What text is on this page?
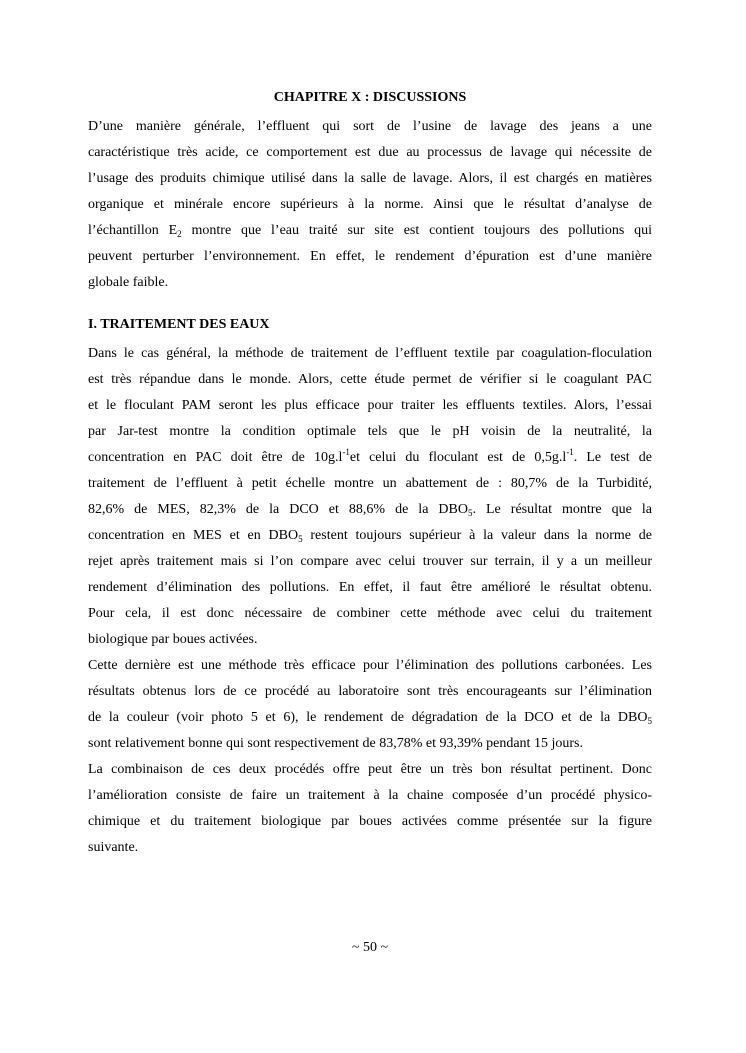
CHAPITRE X : DISCUSSIONS

D’une manière générale, l’effluent qui sort de l’usine de lavage des jeans a une
caractéristique très acide, ce comportement est due au processus de lavage qui nécessite de
l’usage des produits chimique utilisé dans la salle de lavage. Alors, il est chargés en matières
organique et minérale encore supérieurs à la norme. Ainsi que le résultat d’analyse de
l’échantillon $E_2$ montre que l’eau traité sur site est contient toujours des pollutions qui
peuvent perturber l’environnement. En effet, le rendement d’épuration est d’une manière
globale faible.

I. TRAITEMENT DES EAUX

Dans le cas général, la méthode de traitement de l’effluent textile par coagulation-floculation
est très répandue dans le monde. Alors, cette étude permet de vérifier si le coagulant PAC
et le floculant PAM seront les plus efficace pour traiter les effluents textiles. Alors, l’essai
par Jar-test montre la condition optimale tels que le pH voisin de la neutralité, la
concentration en PAC doit être de $10g.l^{-1}et$ celui du floculant est de $0,5g.l^{-1}$. Le test de
traitement de l’effluent à petit échelle montre un abattement de : 80,7% de la Turbidité,
82,6% de MES, 82,3% de la DCO et 88,6% de la $DBO_5$. Le résultat montre que la
concentration en MES et en $DBO_5$ restent toujours supérieur à la valeur dans la norme de
rejet après traitement mais si l’on compare avec celui trouver sur terrain, il y a un meilleur
rendement d’élimination des pollutions. En effet, il faut être amélioré le résultat obtenu.
Pour cela, il est donc nécessaire de combiner cette méthode avec celui du traitement
biologique par boues activées.

Cette dernière est une méthode très efficace pour l’élimination des pollutions carbonées. Les
résultats obtenus lors de ce procédé au laboratoire sont très encourageants sur l’élimination
de la couleur (voir photo 5 et 6), le rendement de dégradation de la DCO et de la $DBO_5$
sont relativement bonne qui sont respectivement de 83,78% et 93,39% pendant 15 jours.

La combinaison de ces deux procédés offre peut être un très bon résultat pertinent. Donc
l’amélioration consiste de faire un traitement à la chaine composée d’un procédé physico-
chimique et du traitement biologique par boues activées comme présentée sur la figure
suivante.

~ 50 ~
